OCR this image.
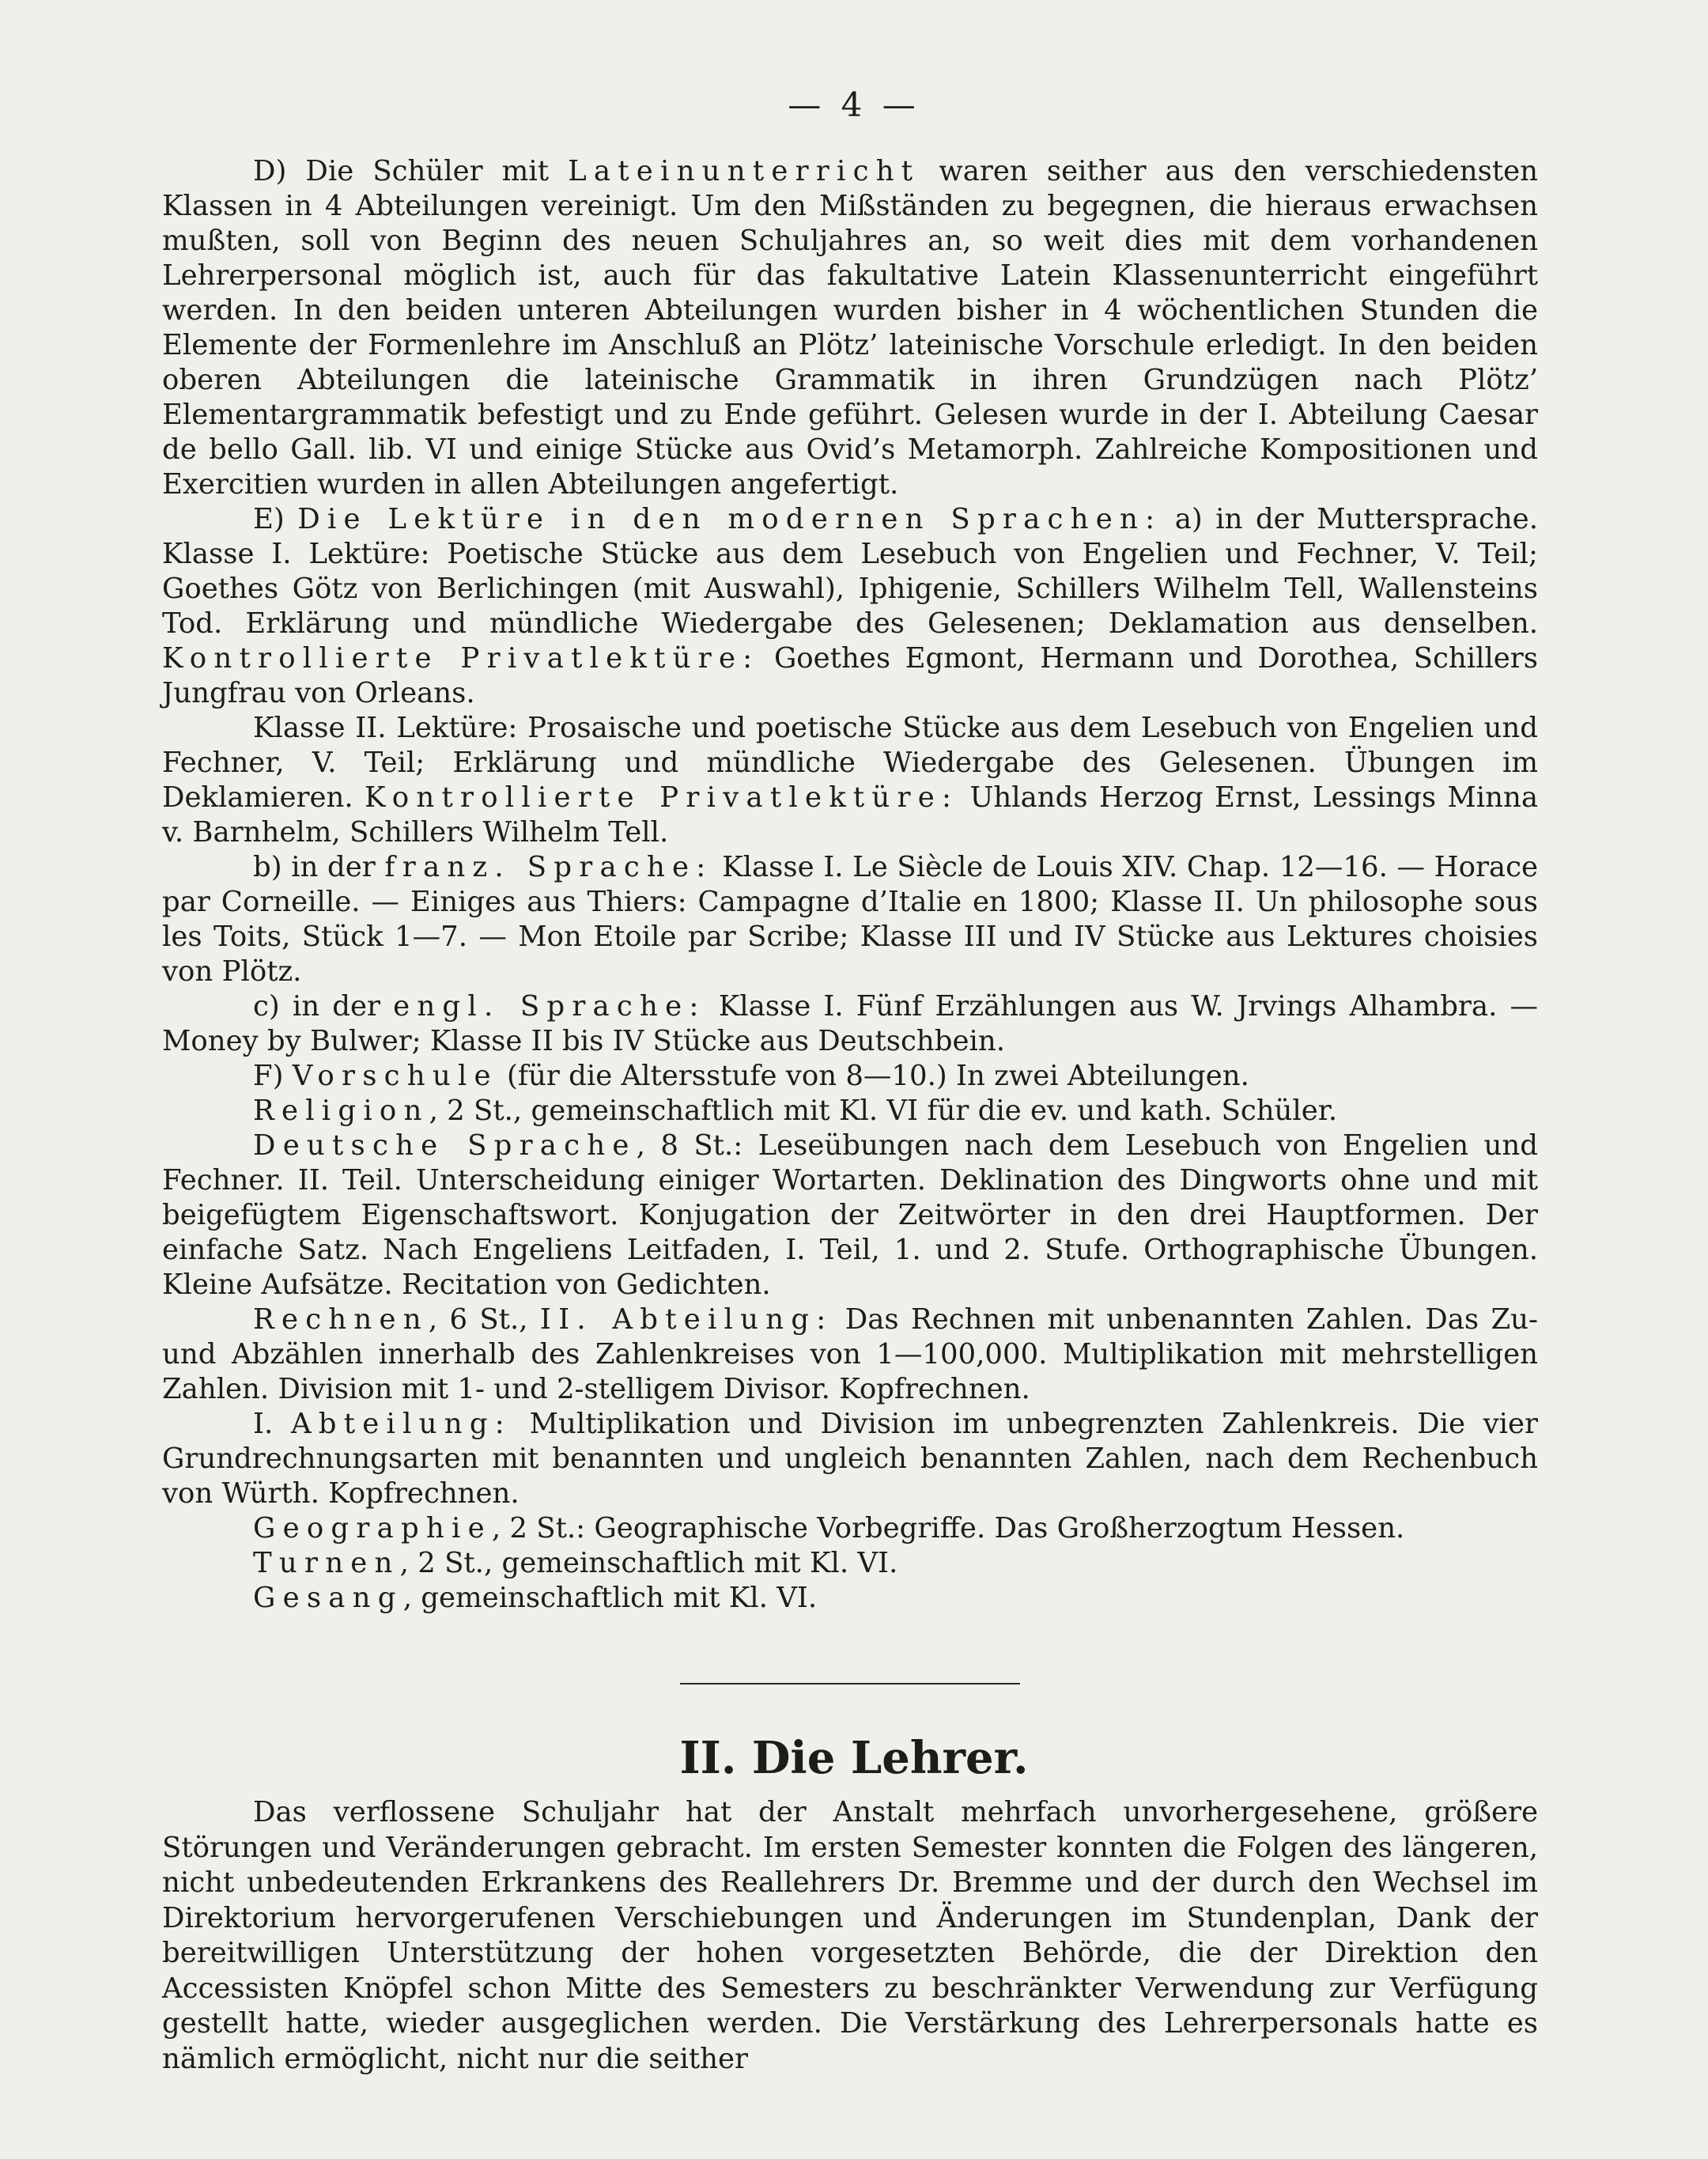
— 4 —

D) Die Schüler mit Lateinunterricht waren seither aus den verschiedensten Klassen in 4 Abteilungen vereinigt. Um den Mißständen zu begegnen, die hieraus erwachsen mußten, soll von Beginn des neuen Schuljahres an, so weit dies mit dem vorhandenen Lehrerpersonal möglich ist, auch für das fakultative Latein Klassenunterricht eingeführt werden. In den beiden unteren Abteilungen wurden bisher in 4 wöchentlichen Stunden die Elemente der Formenlehre im Anschluß an Plötz’ lateinische Vorschule erledigt. In den beiden oberen Abteilungen die lateinische Grammatik in ihren Grundzügen nach Plötz’ Elementargrammatik befestigt und zu Ende geführt. Gelesen wurde in der I. Abteilung Caesar de bello Gall. lib. VI und einige Stücke aus Ovid’s Metamorph. Zahlreiche Kompositionen und Exercitien wurden in allen Abteilungen angefertigt.

E) Die Lektüre in den modernen Sprachen: a) in der Muttersprache. Klasse I. Lektüre: Poetische Stücke aus dem Lesebuch von Engelien und Fechner, V. Teil; Goethes Götz von Berlichingen (mit Auswahl), Iphigenie, Schillers Wilhelm Tell, Wallensteins Tod. Erklärung und mündliche Wiedergabe des Gelesenen; Deklamation aus denselben. Kontrollierte Privatlektüre: Goethes Egmont, Hermann und Dorothea, Schillers Jungfrau von Orleans.

Klasse II. Lektüre: Prosaische und poetische Stücke aus dem Lesebuch von Engelien und Fechner, V. Teil; Erklärung und mündliche Wiedergabe des Gelesenen. Übungen im Deklamieren. Kontrollierte Privatlektüre: Uhlands Herzog Ernst, Lessings Minna v. Barnhelm, Schillers Wilhelm Tell.

b) in der franz. Sprache: Klasse I. Le Siècle de Louis XIV. Chap. 12—16. — Horace par Corneille. — Einiges aus Thiers: Campagne d’Italie en 1800; Klasse II. Un philosophe sous les Toits, Stück 1—7. — Mon Etoile par Scribe; Klasse III und IV Stücke aus Lektures choisies von Plötz.

c) in der engl. Sprache: Klasse I. Fünf Erzählungen aus W. Jrvings Alhambra. — Money by Bulwer; Klasse II bis IV Stücke aus Deutschbein.

F) Vorschule (für die Altersstufe von 8—10.) In zwei Abteilungen.

Religion, 2 St., gemeinschaftlich mit Kl. VI für die ev. und kath. Schüler.

Deutsche Sprache, 8 St.: Leseübungen nach dem Lesebuch von Engelien und Fechner. II. Teil. Unterscheidung einiger Wortarten. Deklination des Dingworts ohne und mit beigefügtem Eigenschaftswort. Konjugation der Zeitwörter in den drei Hauptformen. Der einfache Satz. Nach Engeliens Leitfaden, I. Teil, 1. und 2. Stufe. Orthographische Übungen. Kleine Aufsätze. Recitation von Gedichten.

Rechnen, 6 St., II. Abteilung: Das Rechnen mit unbenannten Zahlen. Das Zu- und Abzählen innerhalb des Zahlenkreises von 1—100,000. Multiplikation mit mehrstelligen Zahlen. Division mit 1- und 2-stelligem Divisor. Kopfrechnen.

I. Abteilung: Multiplikation und Division im unbegrenzten Zahlenkreis. Die vier Grundrechnungsarten mit benannten und ungleich benannten Zahlen, nach dem Rechenbuch von Würth. Kopfrechnen.

Geographie, 2 St.: Geographische Vorbegriffe. Das Großherzogtum Hessen.

Turnen, 2 St., gemeinschaftlich mit Kl. VI.

Gesang, gemeinschaftlich mit Kl. VI.

II. Die Lehrer.

Das verflossene Schuljahr hat der Anstalt mehrfach unvorhergesehene, größere Störungen und Veränderungen gebracht. Im ersten Semester konnten die Folgen des längeren, nicht unbedeutenden Erkrankens des Reallehrers Dr. Bremme und der durch den Wechsel im Direktorium hervorgerufenen Verschiebungen und Änderungen im Stundenplan, Dank der bereitwilligen Unterstützung der hohen vorgesetzten Behörde, die der Direktion den Accessisten Knöpfel schon Mitte des Semesters zu beschränkter Verwendung zur Verfügung gestellt hatte, wieder ausgeglichen werden. Die Verstärkung des Lehrerpersonals hatte es nämlich ermöglicht, nicht nur die seither
